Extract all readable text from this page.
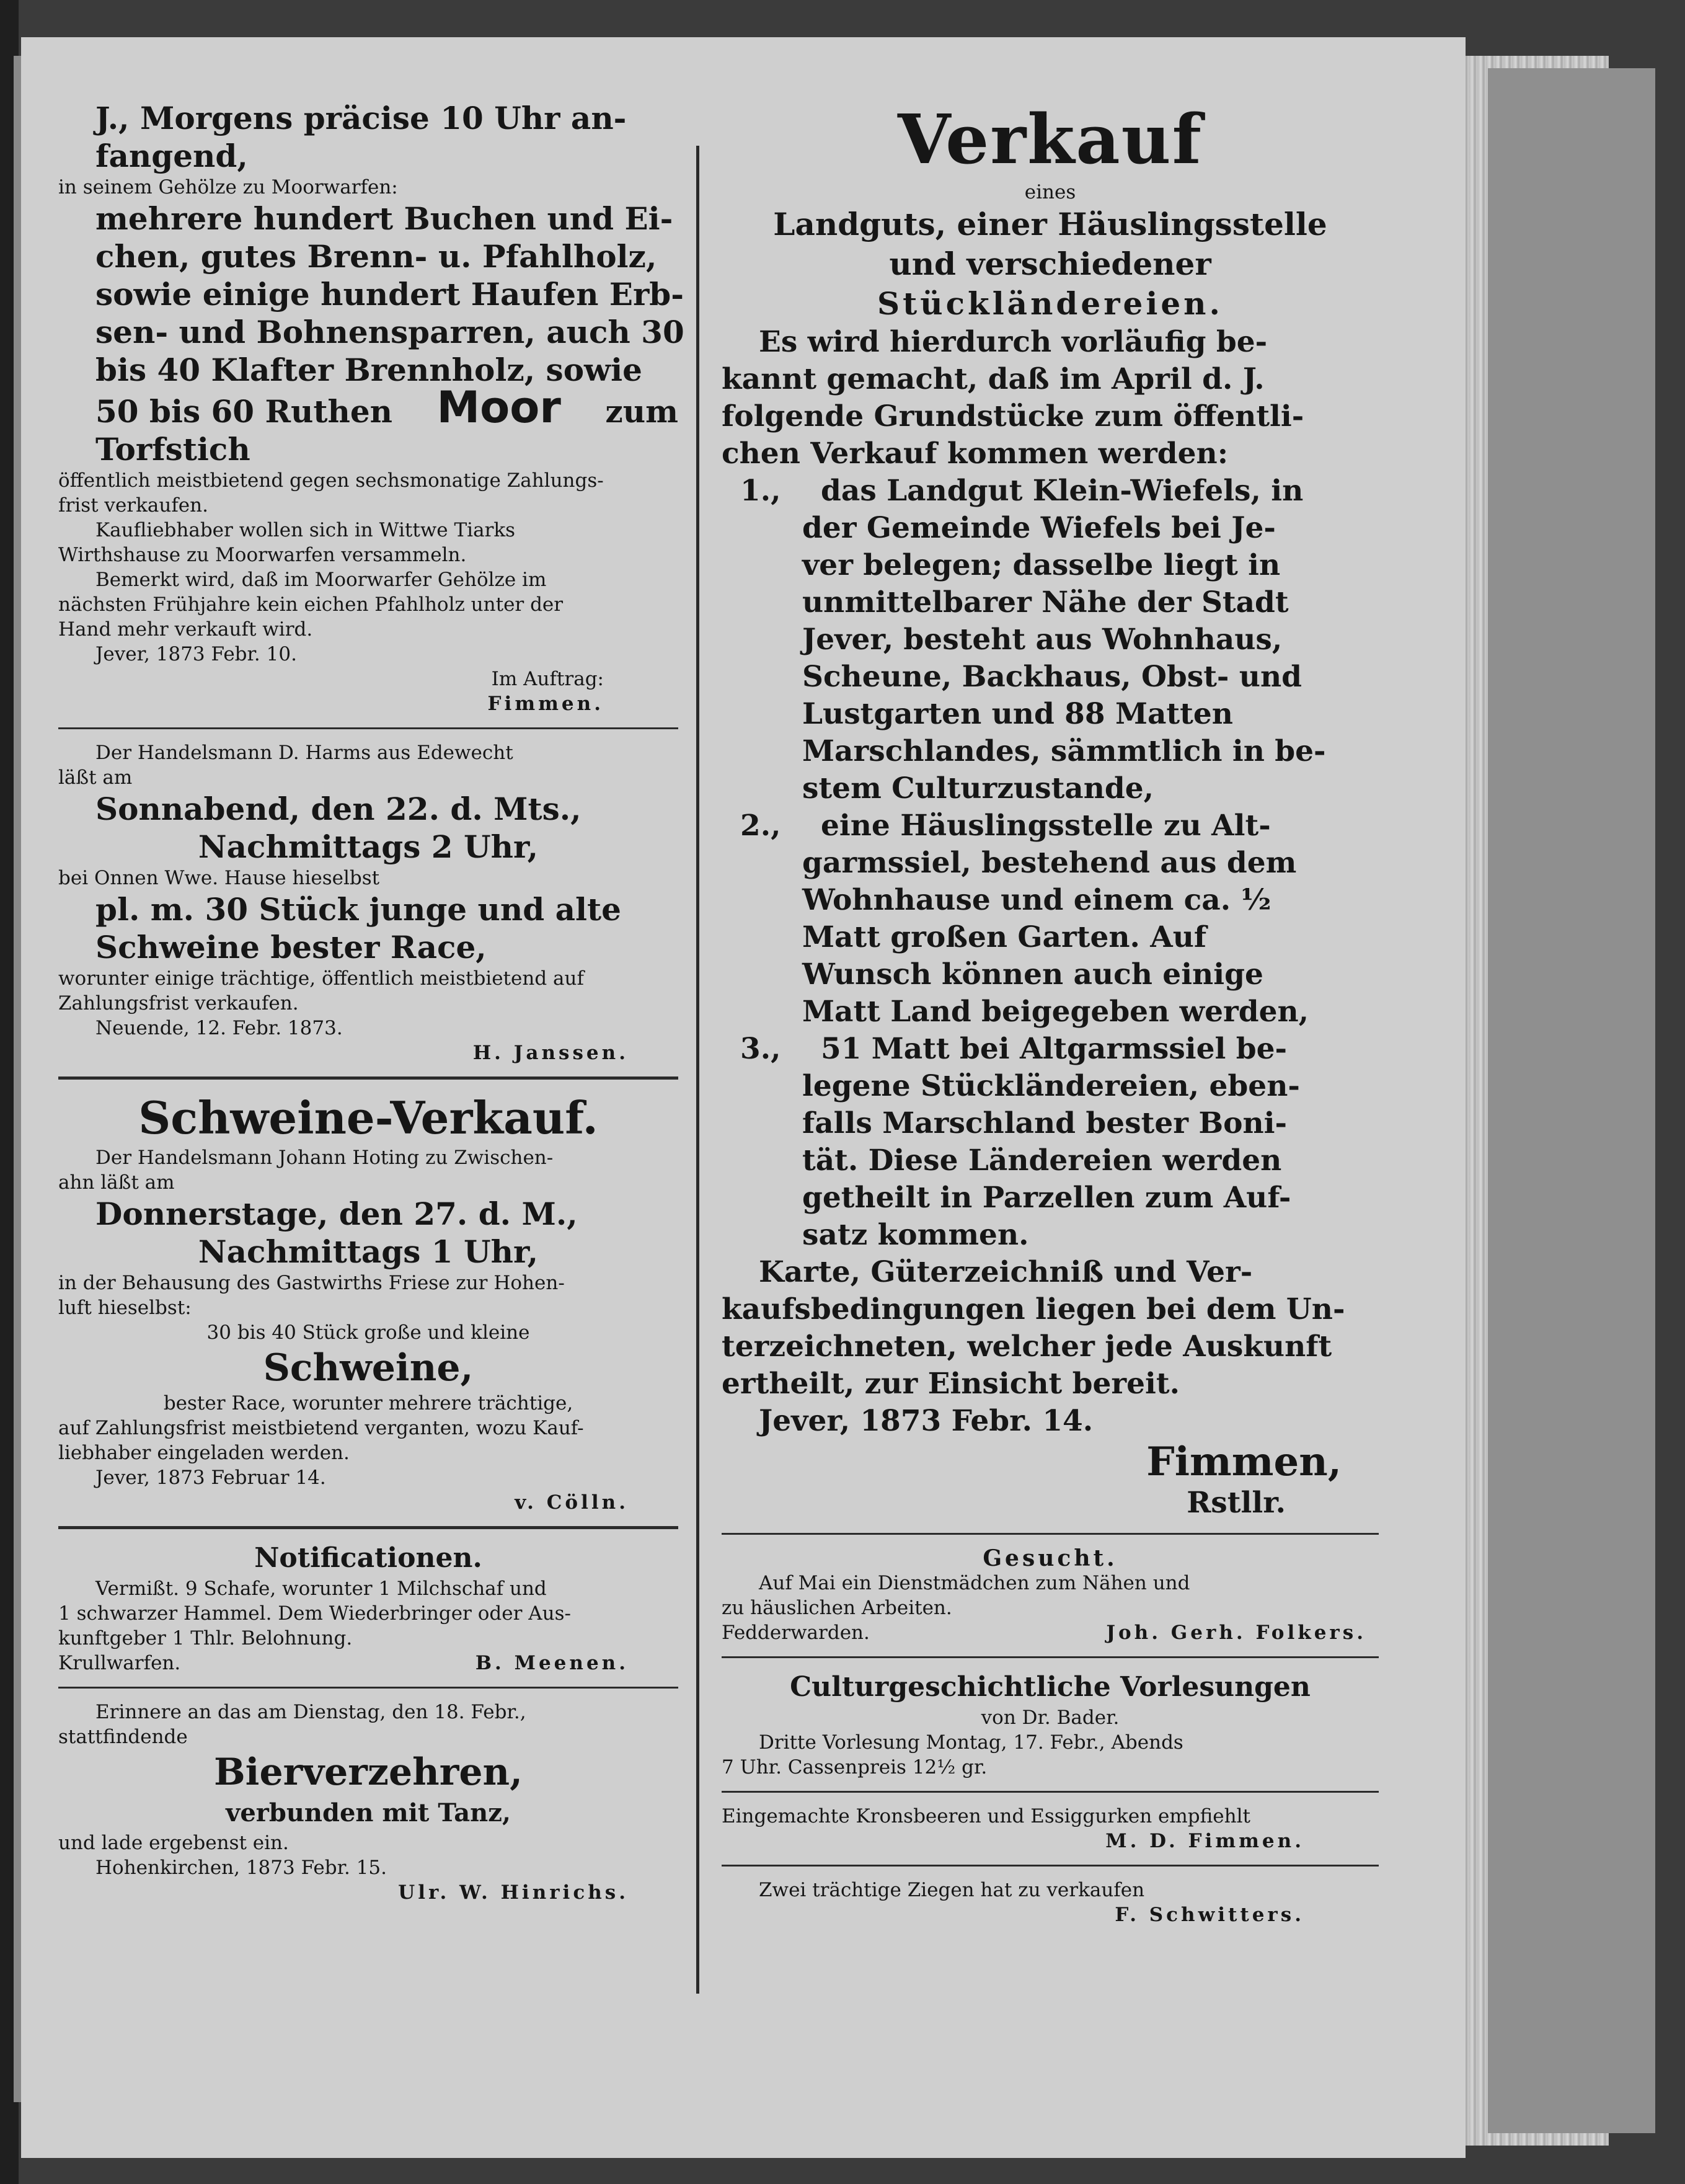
J., Morgens präcise 10 Uhr an-

fangend,

in seinem Gehölze zu Moorwarfen:

mehrere hundert Buchen und Ei-

chen, gutes Brenn- u. Pfahlholz,

sowie einige hundert Haufen Erb-

sen- und Bohnensparren, auch 30

bis 40 Klafter Brennholz, sowie

50 bis 60 Ruthen Moor zum

Torfstich

öffentlich meistbietend gegen sechsmonatige Zahlungs-

frist verkaufen.

Kaufliebhaber wollen sich in Wittwe Tiarks

Wirthshause zu Moorwarfen versammeln.

Bemerkt wird, daß im Moorwarfer Gehölze im

nächsten Frühjahre kein eichen Pfahlholz unter der

Hand mehr verkauft wird.

Jever, 1873 Febr. 10.

Im Auftrag:

Fimmen.

Der Handelsmann D. Harms aus Edewecht

läßt am

Sonnabend, den 22. d. Mts.,

Nachmittags 2 Uhr,

bei Onnen Wwe. Hause hieselbst

pl. m. 30 Stück junge und alte

Schweine bester Race,

worunter einige trächtige, öffentlich meistbietend auf

Zahlungsfrist verkaufen.

Neuende, 12. Febr. 1873.

H. Janssen.

Schweine-Verkauf.

Der Handelsmann Johann Hoting zu Zwischen-

ahn läßt am

Donnerstage, den 27. d. M.,

Nachmittags 1 Uhr,

in der Behausung des Gastwirths Friese zur Hohen-

luft hieselbst:

30 bis 40 Stück große und kleine

Schweine,

bester Race, worunter mehrere trächtige,

auf Zahlungsfrist meistbietend verganten, wozu Kauf-

liebhaber eingeladen werden.

Jever, 1873 Februar 14.

v. Cölln.

Notificationen.

Vermißt. 9 Schafe, worunter 1 Milchschaf und

1 schwarzer Hammel. Dem Wiederbringer oder Aus-

kunftgeber 1 Thlr. Belohnung.

Krullwarfen.	B. Meenen.

Erinnere an das am Dienstag, den 18. Febr.,

stattfindende

Bierverzehren,

verbunden mit Tanz,

und lade ergebenst ein.

Hohenkirchen, 1873 Febr. 15.

Ulr. W. Hinrichs.

Verkauf

eines

Landguts, einer Häuslingsstelle

und verschiedener

Stückländereien.

Es wird hierdurch vorläufig be-

kannt gemacht, daß im April d. J.

folgende Grundstücke zum öffentli-

chen Verkauf kommen werden:

1., das Landgut Klein-Wiefels, in

der Gemeinde Wiefels bei Je-

ver belegen; dasselbe liegt in

unmittelbarer Nähe der Stadt

Jever, besteht aus Wohnhaus,

Scheune, Backhaus, Obst- und

Lustgarten und 88 Matten

Marschlandes, sämmtlich in be-

stem Culturzustande,

2., eine Häuslingsstelle zu Alt-

garmssiel, bestehend aus dem

Wohnhause und einem ca. ½

Matt großen Garten. Auf

Wunsch können auch einige

Matt Land beigegeben werden,

3., 51 Matt bei Altgarmssiel be-

legene Stückländereien, eben-

falls Marschland bester Boni-

tät. Diese Ländereien werden

getheilt in Parzellen zum Auf-

satz kommen.

Karte, Güterzeichniß und Ver-

kaufsbedingungen liegen bei dem Un-

terzeichneten, welcher jede Auskunft

ertheilt, zur Einsicht bereit.

Jever, 1873 Febr. 14.

Fimmen,

Rstllr.

Gesucht.

Auf Mai ein Dienstmädchen zum Nähen und

zu häuslichen Arbeiten.

Fedderwarden.	Joh. Gerh. Folkers.

Culturgeschichtliche Vorlesungen

von Dr. Bader.

Dritte Vorlesung Montag, 17. Febr., Abends

7 Uhr. Cassenpreis 12½ gr.

Eingemachte Kronsbeeren und Essiggurken empfiehlt

M. D. Fimmen.

Zwei trächtige Ziegen hat zu verkaufen

F. Schwitters.
